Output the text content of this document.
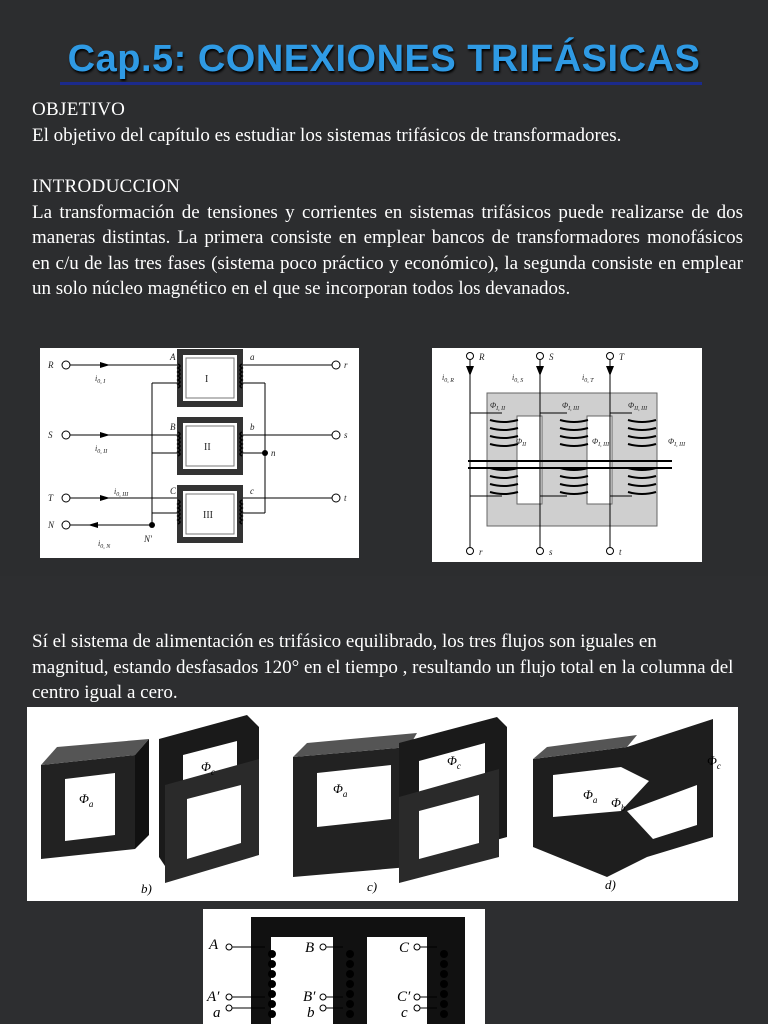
Cap.5: CONEXIONES TRIFÁSICAS
OBJETIVO
El objetivo del capítulo es estudiar los sistemas trifásicos de transformadores.
INTRODUCCION
La transformación de tensiones y corrientes en sistemas trifásicos puede realizarse de dos maneras distintas. La primera consiste en emplear bancos de transformadores monofásicos en c/u de las tres fases (sistema poco práctico y económico), la segunda consiste en emplear un solo núcleo magnético en el que se incorporan todos los devanados.
I
II
III
R
S
T
N
A
B
C
N'
a
b
c
n
r
s
t
$i_{0, I}$
$i_{0, II}$
$i_{0, III}$
$i_{0, N}$
R	S	T
r	s	t
$i_{0, R}$	$i_{0, S}$	$i_{0, T}$
$\Phi_{I, II}$	$\Phi_{I, III}$	$\Phi_{II, III}$
$\Phi_{II}$	$\Phi_{I, III}$	$\Phi_{I, III}$
Sí el sistema de alimentación es trifásico equilibrado, los tres flujos son iguales en magnitud, estando desfasados 120° en el tiempo , resultando un flujo total en la columna del centro igual a cero.
$\Phi_a$
$\Phi_c$
b)
$\Phi_a$
$\Phi_c$
c)
$\Phi_a$ $\Phi_b$
$\Phi_c$
d)
A	B	C
A′	B′	C′
a	b	c
